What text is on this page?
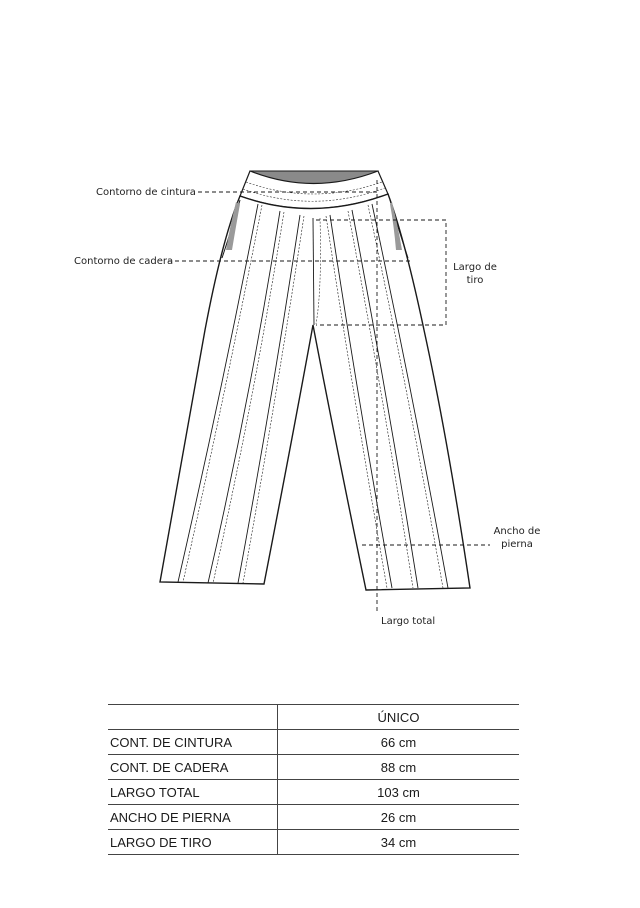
Contorno de cintura
Contorno de cadera
Largo de
tiro
Ancho de
pierna
Largo total
	ÚNICO
CONT. DE CINTURA	66 cm
CONT. DE CADERA	88 cm
LARGO TOTAL	103 cm
ANCHO DE PIERNA	26 cm
LARGO DE TIRO	34 cm
